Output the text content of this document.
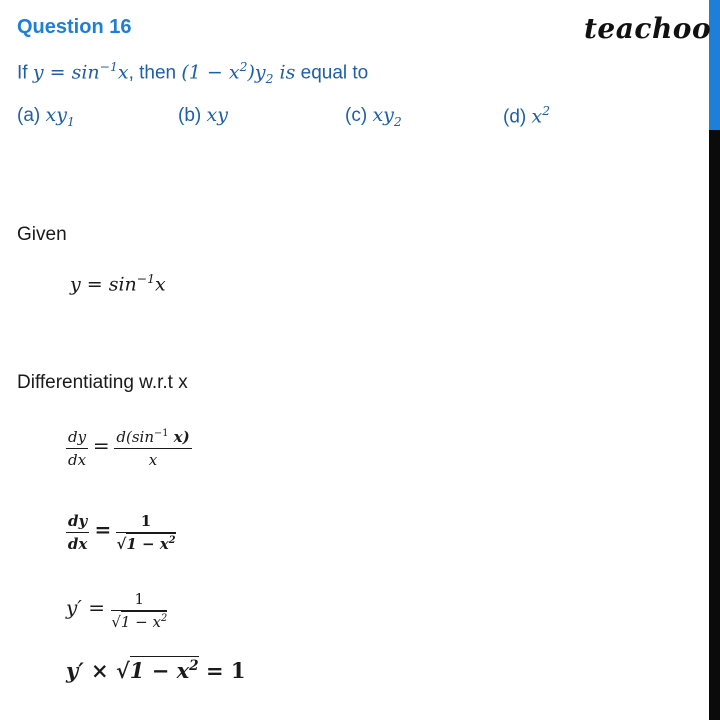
Question 16	teachoo
If $y = \sin^{-1}x$, then $(1 - x^2)y_2$ is equal to
(a) $xy_1$	(b) xy	(c) $xy_2$	(d) $x^2$
Given
$y = \sin^{-1}x$
Differentiating w.r.t x
$\frac{dy}{dx} = \frac{d(\sin^{-1} x)}{x}$
$\frac{dy}{dx} = \frac{1}{√1 - x^2}$
$y' = \frac{1}{√1 - x^2}$
$y' \times √1 - x^2 = 1$
